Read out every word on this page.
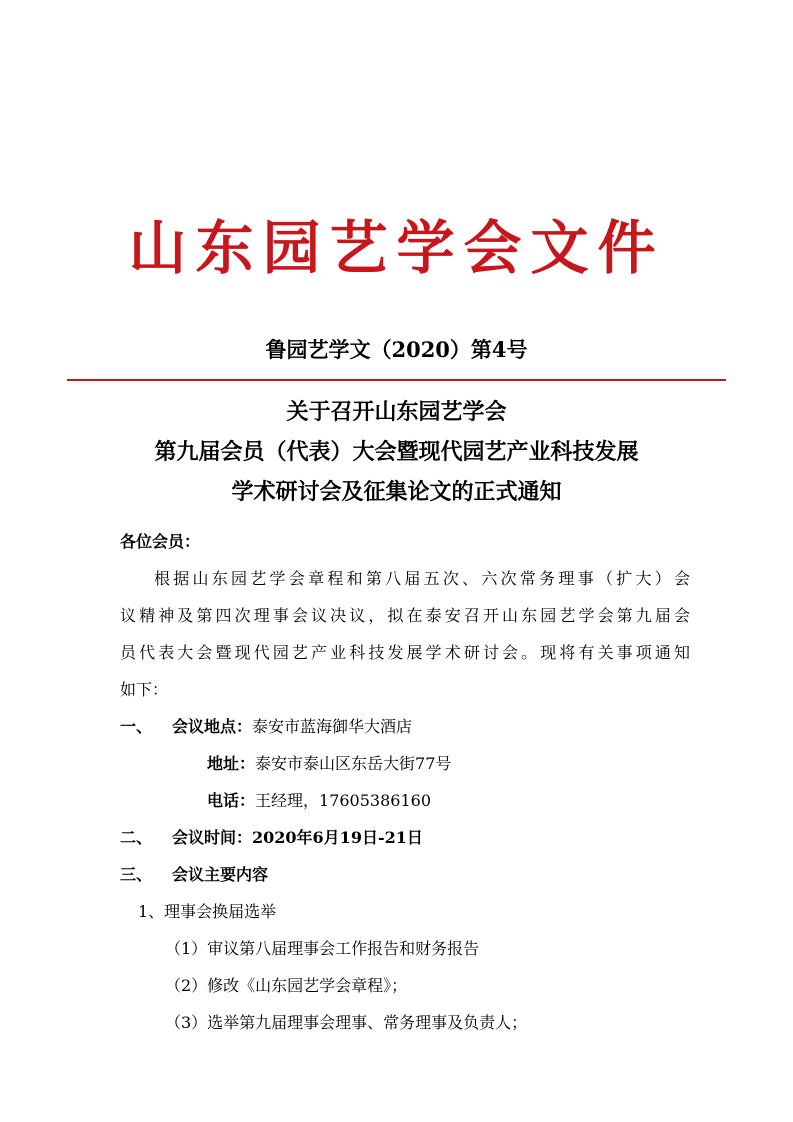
山东园艺学会文件
鲁园艺学文（2020）第4号
关于召开山东园艺学会
第九届会员（代表）大会暨现代园艺产业科技发展
学术研讨会及征集论文的正式通知
各位会员：
根据山东园艺学会章程和第八届五次、六次常务理事（扩大）会
议精神及第四次理事会议决议，拟在泰安召开山东园艺学会第九届会
员代表大会暨现代园艺产业科技发展学术研讨会。现将有关事项通知
如下：
一、 会议地点：泰安市蓝海御华大酒店
地址：泰安市泰山区东岳大街77号
电话：王经理，17605386160
二、 会议时间：2020年6月19日-21日
三、 会议主要内容
1、理事会换届选举
（1）审议第八届理事会工作报告和财务报告
（2）修改《山东园艺学会章程》；
（3）选举第九届理事会理事、常务理事及负责人；
